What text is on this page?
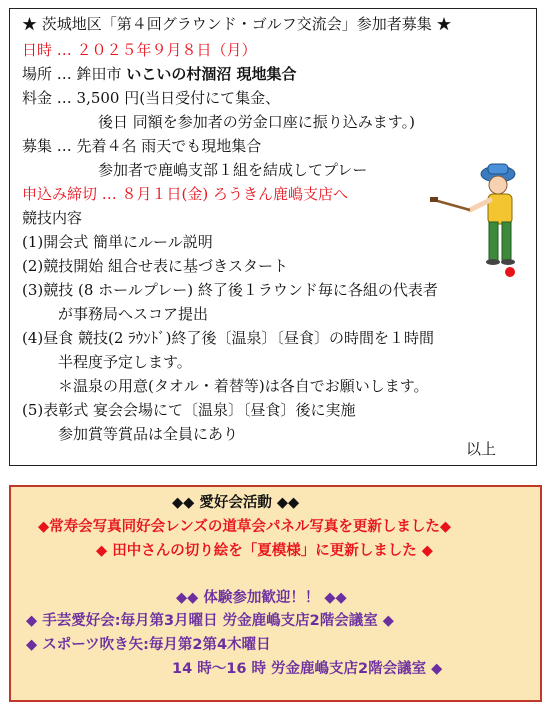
★ 茨城地区「第４回グラウンド・ゴルフ交流会」参加者募集 ★
日時 … ２０２５年９月８日（月）
場所 … 鉾田市 いこいの村涸沼 現地集合
料金 … 3,500 円(当日受付にて集金、
後日 同額を参加者の労金口座に振り込みます。)
募集 … 先着４名 雨天でも現地集合
参加者で鹿嶋支部１組を結成してプレー
申込み締切 … ８月１日(金) ろうきん鹿嶋支店へ
競技内容
(1)開会式 簡単にルール説明
(2)競技開始 組合せ表に基づきスタート
(3)競技 (8 ホールプレー) 終了後１ラウンド毎に各組の代表者
が事務局へスコア提出
(4)昼食 競技(2 ﾗｳﾝﾄﾞ)終了後〔温泉〕〔昼食〕の時間を１時間
半程度予定します。
＊温泉の用意(タオル・着替等)は各自でお願いします。
(5)表彰式 宴会会場にて〔温泉〕〔昼食〕後に実施
参加賞等賞品は全員にあり
以上
◆◆ 愛好会活動 ◆◆
◆常寿会写真同好会レンズの道草会パネル写真を更新しました◆
◆ 田中さんの切り絵を「夏模様」に更新しました ◆
◆◆ 体験参加歓迎！！ ◆◆
◆ 手芸愛好会:毎月第3月曜日 労金鹿嶋支店2階会議室 ◆
◆ スポーツ吹き矢:毎月第2第4木曜日
14 時～16 時 労金鹿嶋支店2階会議室 ◆
